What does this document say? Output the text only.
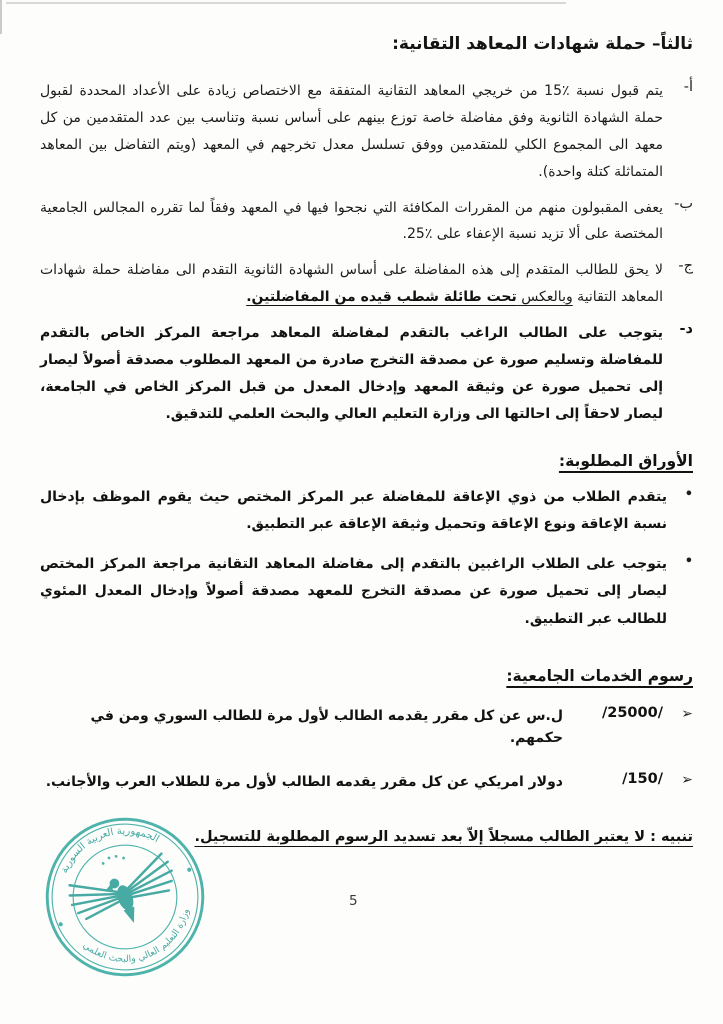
ثالثاً– حملة شهادات المعاهد التقانية:
أ-

يتم قبول نسبة ٪15 من خريجي المعاهد التقانية المتفقة مع الاختصاص زيادة على الأعداد المحددة لقبول حملة الشهادة الثانوية وفق مفاضلة خاصة توزع بينهم على أساس نسبة وتناسب بين عدد المتقدمين من كل معهد الى المجموع الكلي للمتقدمين ووفق تسلسل معدل تخرجهم في المعهد (ويتم التفاضل بين المعاهد المتماثلة كتلة واحدة).

ب-

يعفى المقبولون منهم من المقررات المكافئة التي نجحوا فيها في المعهد وفقاً لما تقرره المجالس الجامعية المختصة على ألا تزيد نسبة الإعفاء على ٪25.

ج-

لا يحق للطالب المتقدم إلى هذه المفاضلة على أساس الشهادة الثانوية التقدم الى مفاضلة حملة شهادات المعاهد التقانية وبالعكس تحت طائلة شطب قيده من المفاضلتين.

د-

يتوجب على الطالب الراغب بالتقدم لمفاضلة المعاهد مراجعة المركز الخاص بالتقدم للمفاضلة وتسليم صورة عن مصدقة التخرج صادرة من المعهد المطلوب مصدقة أصولاً ليصار إلى تحميل صورة عن وثيقة المعهد وإدخال المعدل من قبل المركز الخاص في الجامعة، ليصار لاحقاً إلى احالتها الى وزارة التعليم العالي والبحث العلمي للتدقيق.

الأوراق المطلوبة:
•

يتقدم الطلاب من ذوي الإعاقة للمفاضلة عبر المركز المختص حيث يقوم الموظف بإدخال نسبة الإعاقة ونوع الإعاقة وتحميل وثيقة الإعاقة عبر التطبيق.

•

يتوجب على الطلاب الراغبين بالتقدم إلى مفاضلة المعاهد التقانية مراجعة المركز المختص ليصار إلى تحميل صورة عن مصدقة التخرج للمعهد مصدقة أصولاً وإدخال المعدل المئوي للطالب عبر التطبيق.

رسوم الخدمات الجامعية:
➢
/25000/
ل.س عن كل مقرر يقدمه الطالب لأول مرة للطالب السوري ومن في حكمهم.
➢
/150/
دولار امريكي عن كل مقرر يقدمه الطالب لأول مرة للطلاب العرب والأجانب.

تنبيه : لا يعتبر الطالب مسجلاً إلاّ بعد تسديد الرسوم المطلوبة للتسجيل.

الجمهورية العربية السورية
وزارة التعليم العالي والبحث العلمي
5
